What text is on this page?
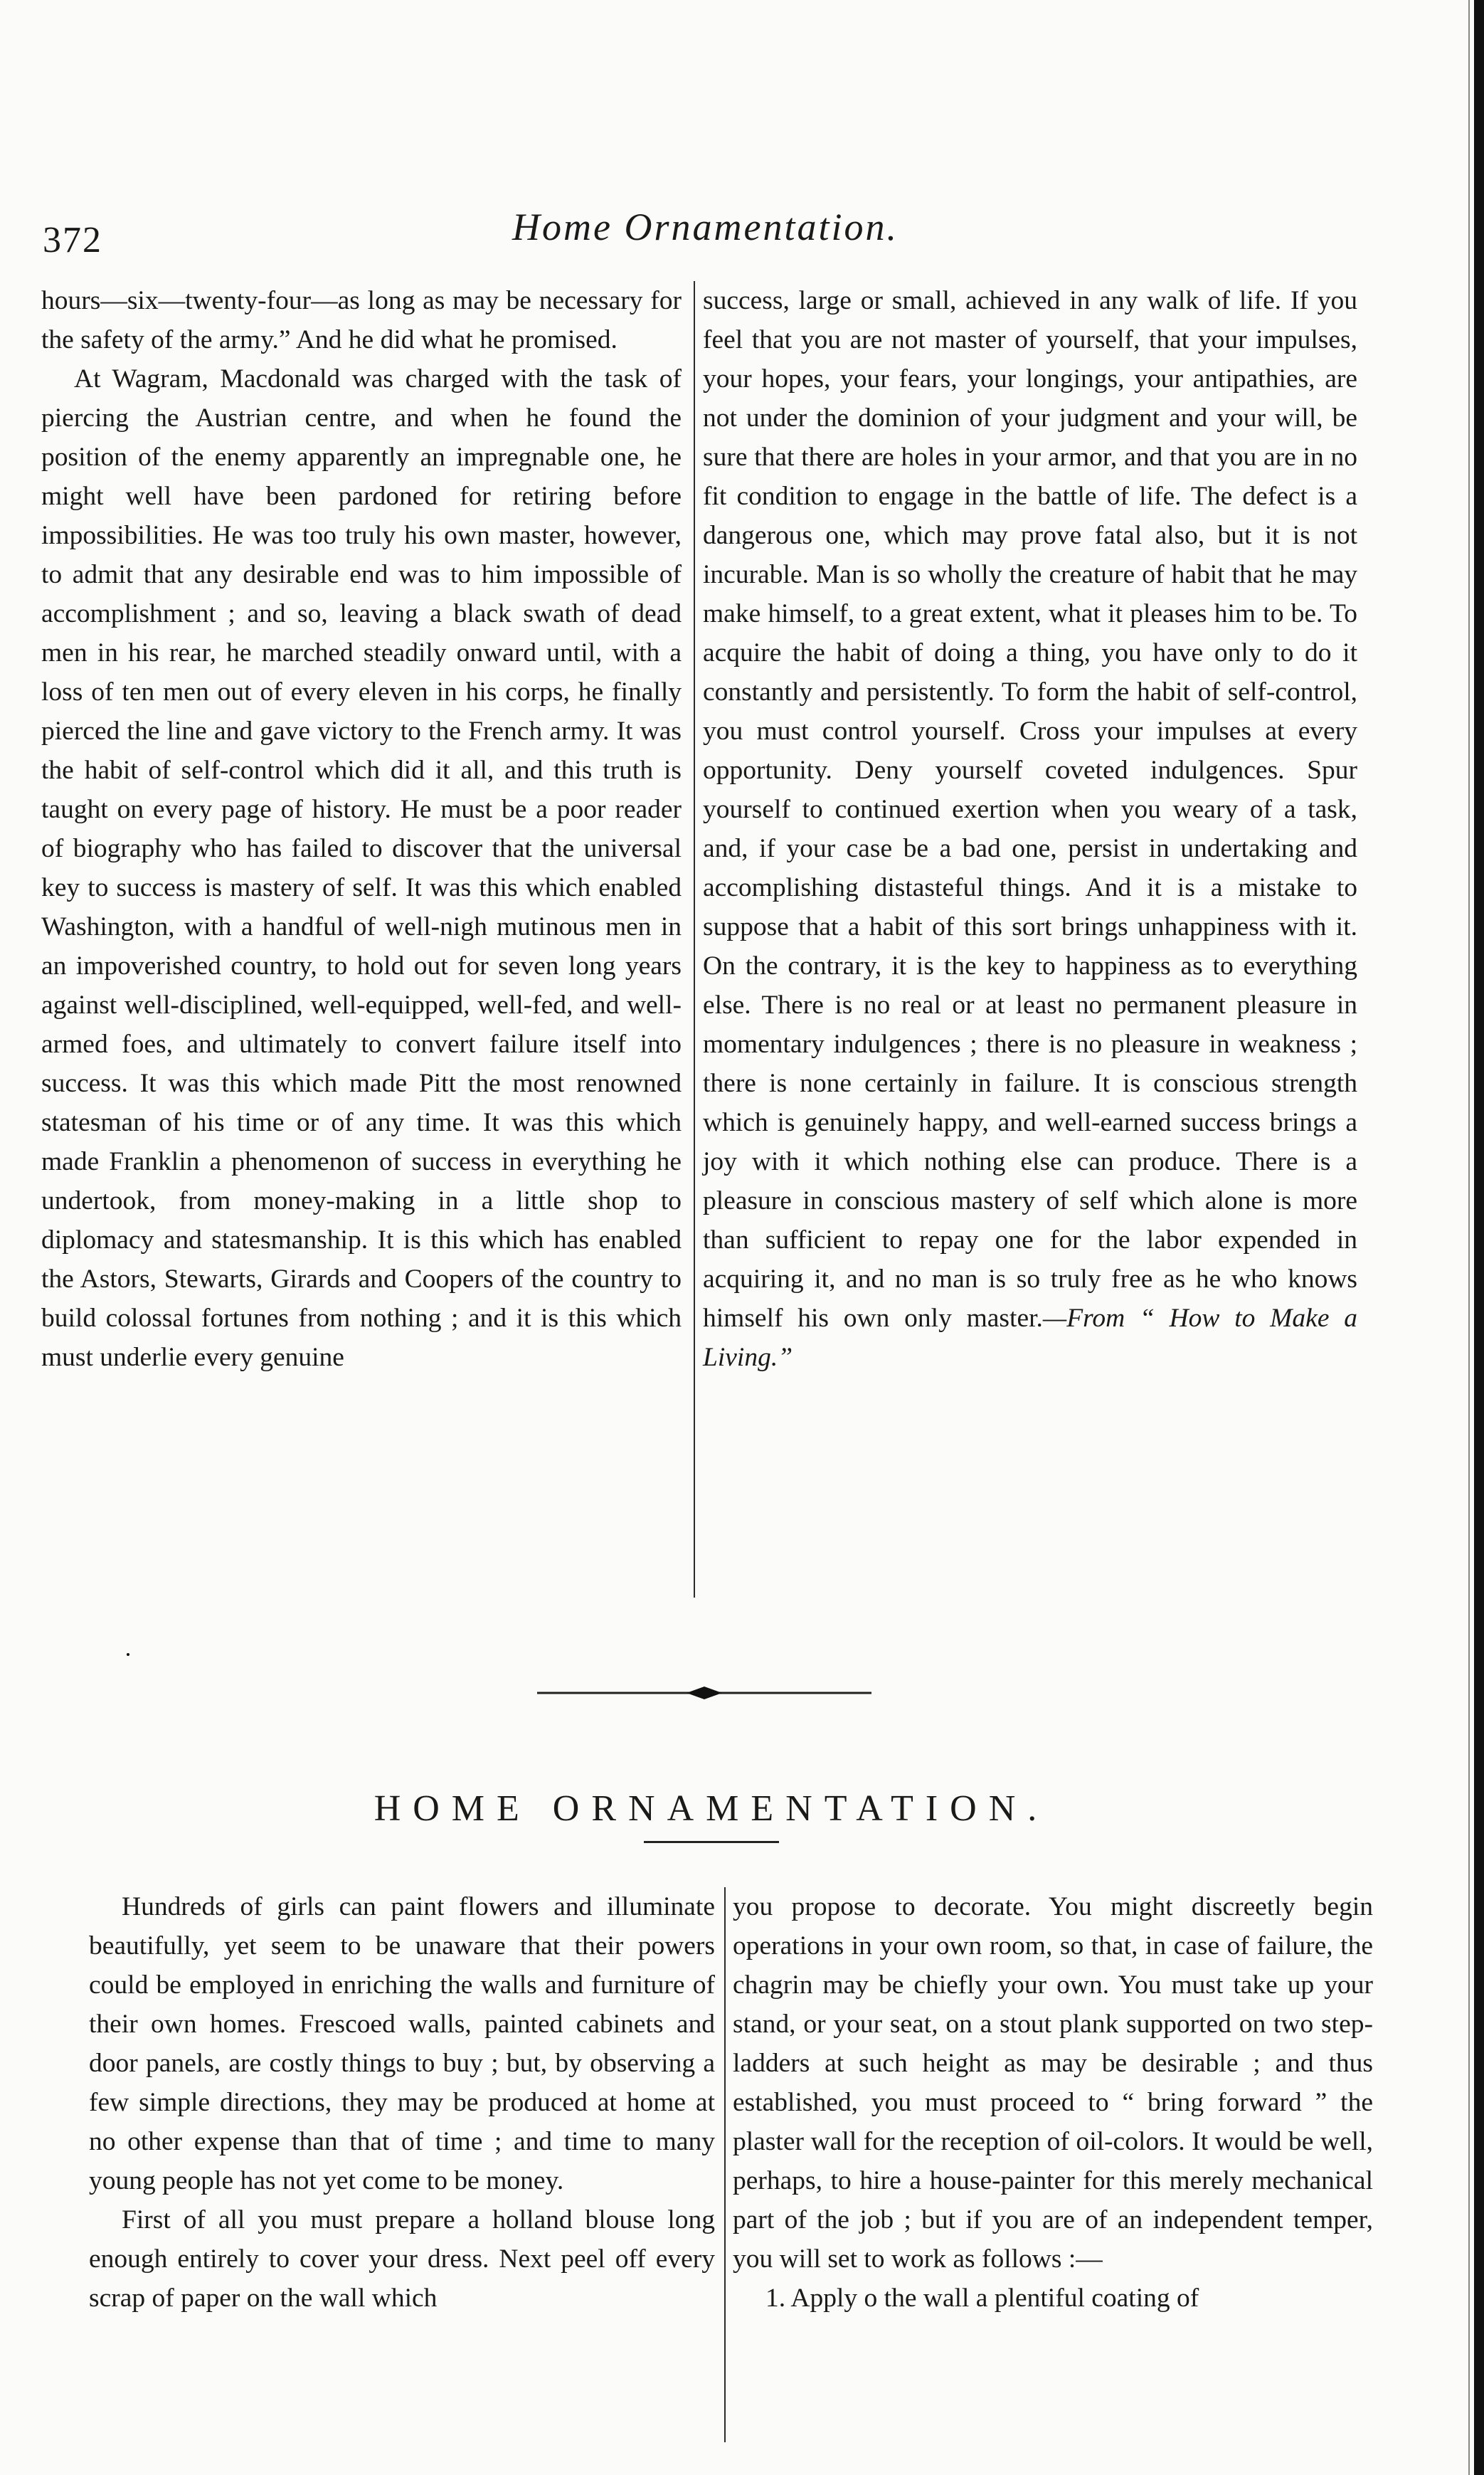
372	Home Ornamentation.

hours—six—twenty-four—as long as may be necessary for the safety of the army.” And he did what he promised.

At Wagram, Macdonald was charged with the task of piercing the Austrian centre, and when he found the position of the enemy apparently an impregnable one, he might well have been pardoned for retiring before impossibilities. He was too truly his own master, however, to admit that any desirable end was to him impossible of accomplishment ; and so, leaving a black swath of dead men in his rear, he marched steadily onward until, with a loss of ten men out of every eleven in his corps, he finally pierced the line and gave victory to the French army. It was the habit of self-control which did it all, and this truth is taught on every page of history. He must be a poor reader of biography who has failed to discover that the universal key to success is mastery of self. It was this which enabled Washington, with a handful of well-nigh mutinous men in an impoverished country, to hold out for seven long years against well-disciplined, well-equipped, well-fed, and well-armed foes, and ultimately to convert failure itself into success. It was this which made Pitt the most renowned statesman of his time or of any time. It was this which made Franklin a phenomenon of success in everything he undertook, from money-making in a little shop to diplomacy and statesmanship. It is this which has enabled the Astors, Stewarts, Girards and Coopers of the country to build colossal fortunes from nothing ; and it is this which must underlie every genuine

success, large or small, achieved in any walk of life. If you feel that you are not master of yourself, that your impulses, your hopes, your fears, your longings, your antipathies, are not under the dominion of your judgment and your will, be sure that there are holes in your armor, and that you are in no fit condition to engage in the battle of life. The defect is a dangerous one, which may prove fatal also, but it is not incurable. Man is so wholly the creature of habit that he may make himself, to a great extent, what it pleases him to be. To acquire the habit of doing a thing, you have only to do it constantly and persistently. To form the habit of self-control, you must control yourself. Cross your impulses at every opportunity. Deny yourself coveted indulgences. Spur yourself to continued exertion when you weary of a task, and, if your case be a bad one, persist in undertaking and accomplishing distasteful things. And it is a mistake to suppose that a habit of this sort brings unhappiness with it. On the contrary, it is the key to happiness as to everything else. There is no real or at least no permanent pleasure in momentary indulgences ; there is no pleasure in weakness ; there is none certainly in failure. It is conscious strength which is genuinely happy, and well-earned success brings a joy with it which nothing else can produce. There is a pleasure in conscious mastery of self which alone is more than sufficient to repay one for the labor expended in acquiring it, and no man is so truly free as he who knows himself his own only master.—From “ How to Make a Living.”

HOME ORNAMENTATION.

Hundreds of girls can paint flowers and illuminate beautifully, yet seem to be unaware that their powers could be employed in enriching the walls and furniture of their own homes. Frescoed walls, painted cabinets and door panels, are costly things to buy ; but, by observing a few simple directions, they may be produced at home at no other expense than that of time ; and time to many young people has not yet come to be money.

First of all you must prepare a holland blouse long enough entirely to cover your dress. Next peel off every scrap of paper on the wall which

you propose to decorate. You might discreetly begin operations in your own room, so that, in case of failure, the chagrin may be chiefly your own. You must take up your stand, or your seat, on a stout plank supported on two step-ladders at such height as may be desirable ; and thus established, you must proceed to “ bring forward ” the plaster wall for the reception of oil-colors. It would be well, perhaps, to hire a house-painter for this merely mechanical part of the job ; but if you are of an independent temper, you will set to work as follows :—

1. Apply o the wall a plentiful coating of
